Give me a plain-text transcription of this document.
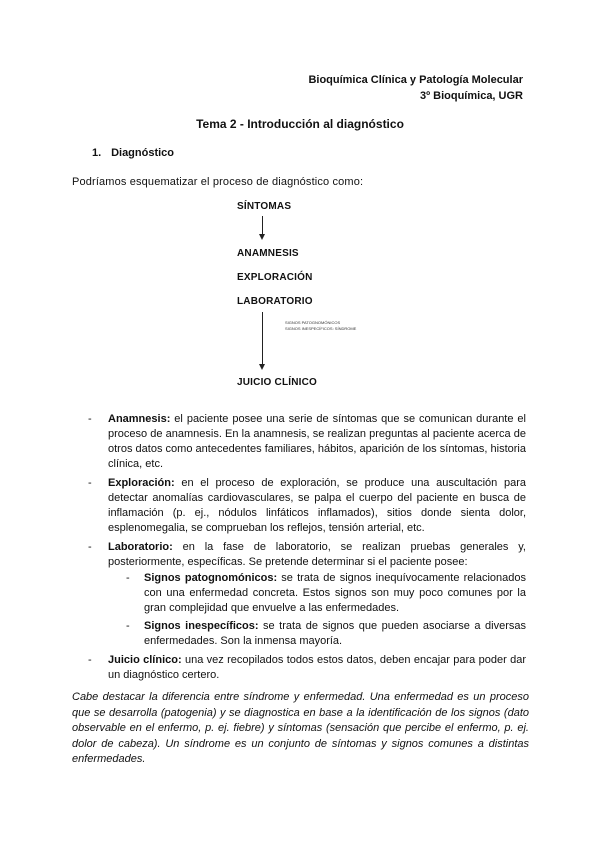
Bioquímica Clínica y Patología Molecular
3º Bioquímica, UGR
Tema 2 - Introducción al diagnóstico
1. Diagnóstico
Podríamos esquematizar el proceso de diagnóstico como:
SÍNTOMAS
ANAMNESIS
EXPLORACIÓN
LABORATORIO
SIGNOS PATOGNOMÓNICOS
SIGNOS INESPECÍFICOS: SÍNDROME
JUICIO CLÍNICO
- Anamnesis: el paciente posee una serie de síntomas que se comunican durante el proceso de anamnesis. En la anamnesis, se realizan preguntas al paciente acerca de otros datos como antecedentes familiares, hábitos, aparición de los síntomas, historia clínica, etc.
- Exploración: en el proceso de exploración, se produce una auscultación para detectar anomalías cardiovasculares, se palpa el cuerpo del paciente en busca de inflamación (p. ej., nódulos linfáticos inflamados), sitios donde sienta dolor, esplenomegalia, se comprueban los reflejos, tensión arterial, etc.
- Laboratorio: en la fase de laboratorio, se realizan pruebas generales y, posteriormente, específicas. Se pretende determinar si el paciente posee:
- Signos patognomónicos: se trata de signos inequívocamente relacionados con una enfermedad concreta. Estos signos son muy poco comunes por la gran complejidad que envuelve a las enfermedades.
- Signos inespecíficos: se trata de signos que pueden asociarse a diversas enfermedades. Son la inmensa mayoría.
- Juicio clínico: una vez recopilados todos estos datos, deben encajar para poder dar un diagnóstico certero.
Cabe destacar la diferencia entre síndrome y enfermedad. Una enfermedad es un proceso que se desarrolla (patogenia) y se diagnostica en base a la identificación de los signos (dato observable en el enfermo, p. ej. fiebre) y síntomas (sensación que percibe el enfermo, p. ej. dolor de cabeza). Un síndrome es un conjunto de síntomas y signos comunes a distintas enfermedades.
